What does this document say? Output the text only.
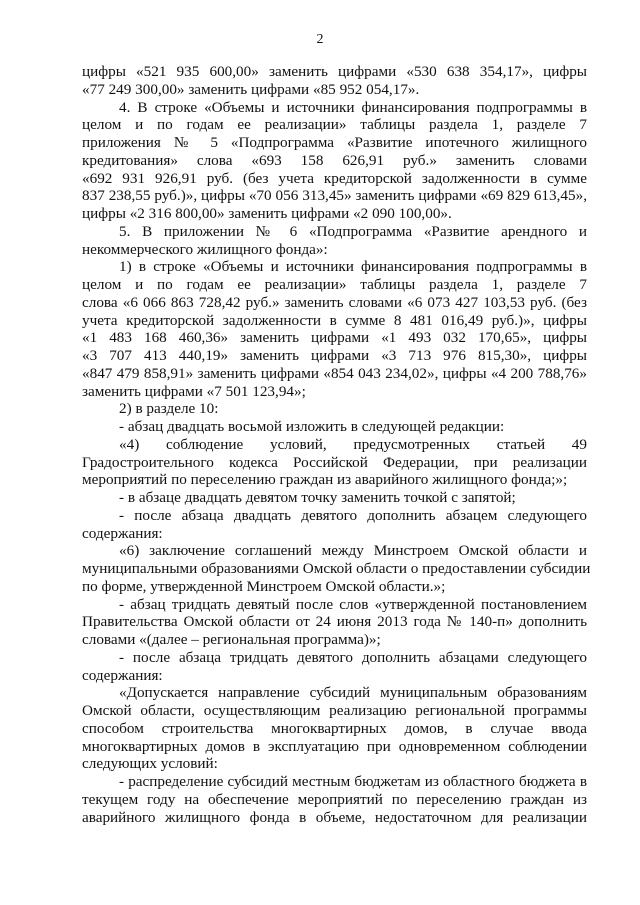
2
цифры «521 935 600,00» заменить цифрами «530 638 354,17», цифры
«77 249 300,00» заменить цифрами «85 952 054,17».
4. В строке «Объемы и источники финансирования подпрограммы в
целом и по годам ее реализации» таблицы раздела 1, разделе 7
приложения № 5 «Подпрограмма «Развитие ипотечного жилищного
кредитования» слова «693 158 626,91 руб.» заменить словами
«692 931 926,91 руб. (без учета кредиторской задолженности в сумме
837 238,55 руб.)», цифры «70 056 313,45» заменить цифрами «69 829 613,45»,
цифры «2 316 800,00» заменить цифрами «2 090 100,00».
5. В приложении № 6 «Подпрограмма «Развитие арендного и
некоммерческого жилищного фонда»:
1) в строке «Объемы и источники финансирования подпрограммы в
целом и по годам ее реализации» таблицы раздела 1, разделе 7
слова «6 066 863 728,42 руб.» заменить словами «6 073 427 103,53 руб. (без
учета кредиторской задолженности в сумме 8 481 016,49 руб.)», цифры
«1 483 168 460,36» заменить цифрами «1 493 032 170,65», цифры
«3 707 413 440,19» заменить цифрами «3 713 976 815,30», цифры
«847 479 858,91» заменить цифрами «854 043 234,02», цифры «4 200 788,76»
заменить цифрами «7 501 123,94»;
2) в разделе 10:
- абзац двадцать восьмой изложить в следующей редакции:
«4) соблюдение условий, предусмотренных статьей 49
Градостроительного кодекса Российской Федерации, при реализации
мероприятий по переселению граждан из аварийного жилищного фонда;»;
- в абзаце двадцать девятом точку заменить точкой с запятой;
- после абзаца двадцать девятого дополнить абзацем следующего
содержания:
«6) заключение соглашений между Минстроем Омской области и
муниципальными образованиями Омской области о предоставлении субсидии
по форме, утвержденной Минстроем Омской области.»;
- абзац тридцать девятый после слов «утвержденной постановлением
Правительства Омской области от 24 июня 2013 года № 140-п» дополнить
словами «(далее – региональная программа)»;
- после абзаца тридцать девятого дополнить абзацами следующего
содержания:
«Допускается направление субсидий муниципальным образованиям
Омской области, осуществляющим реализацию региональной программы
способом строительства многоквартирных домов, в случае ввода
многоквартирных домов в эксплуатацию при одновременном соблюдении
следующих условий:
- распределение субсидий местным бюджетам из областного бюджета в
текущем году на обеспечение мероприятий по переселению граждан из
аварийного жилищного фонда в объеме, недостаточном для реализации
